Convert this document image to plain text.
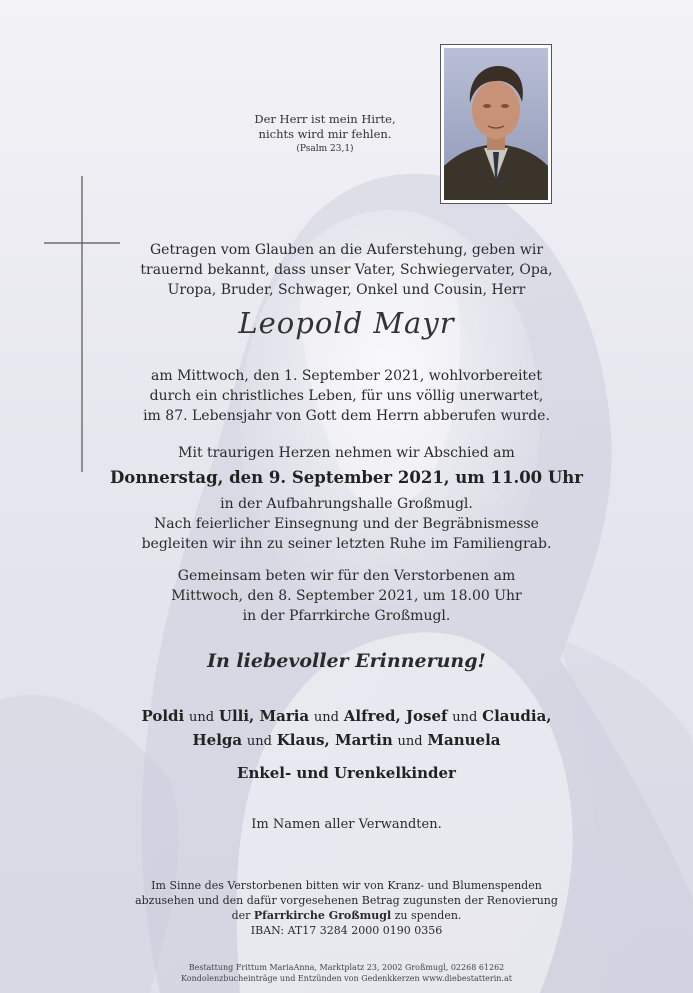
Der Herr ist mein Hirte,
nichts wird mir fehlen.
(Psalm 23,1)
Getragen vom Glauben an die Auferstehung, geben wir
trauernd bekannt, dass unser Vater, Schwiegervater, Opa,
Uropa, Bruder, Schwager, Onkel und Cousin, Herr
Leopold Mayr
am Mittwoch, den 1. September 2021, wohlvorbereitet
durch ein christliches Leben, für uns völlig unerwartet,
im 87. Lebensjahr von Gott dem Herrn abberufen wurde.
Mit traurigen Herzen nehmen wir Abschied am
Donnerstag, den 9. September 2021, um 11.00 Uhr
in der Aufbahrungshalle Großmugl.
Nach feierlicher Einsegnung und der Begräbnismesse
begleiten wir ihn zu seiner letzten Ruhe im Familiengrab.
Gemeinsam beten wir für den Verstorbenen am
Mittwoch, den 8. September 2021, um 18.00 Uhr
in der Pfarrkirche Großmugl.
In liebevoller Erinnerung!
Poldi und Ulli, Maria und Alfred, Josef und Claudia,
Helga und Klaus, Martin und Manuela
Enkel- und Urenkelkinder
Im Namen aller Verwandten.
Im Sinne des Verstorbenen bitten wir von Kranz- und Blumenspenden
abzusehen und den dafür vorgesehenen Betrag zugunsten der Renovierung
der Pfarrkirche Großmugl zu spenden.
IBAN: AT17 3284 2000 0190 0356
Bestattung Frittum MariaAnna, Marktplatz 23, 2002 Großmugl, 02268 61262
Kondolenzbucheinträge und Entzünden von Gedenkkerzen www.diebestatterin.at
